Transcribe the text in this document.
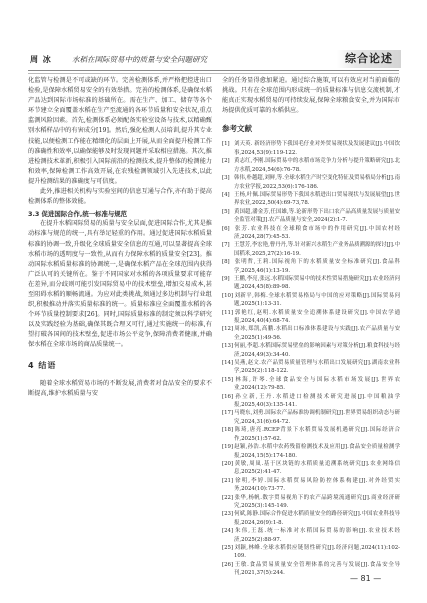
周 冰	水稻在国际贸易中的质量与安全问题研究	综合论述

化监管与检测是不可或缺的环节。完善检测体系,并严格把控进出口检验,是保障水稻贸易安全的有效举措。完善的检测体系,是确保水稻产品达到国际市场标准的基础所在。需在生产、加工、储存等各个环节建立全面覆盖水稻在生产至流通的各环节质量和安全状况,重点监测风险因素。首先,检测体系必须配备实验室设备与技术,以精确甄别水稻样品中的有害成分[19]。然后,强化检测人员培训,提升其专业技能,以便检测工作能在精细化的层面上开展,从而全面提升检测工作的准确性和效率,以确保能够及时发现问题并采取相应措施。其次,推进检测技术革新,积极引入国际前沿的检测技术,提升整体的检测能力和效率,保障检测工作高效开展,在农残检测领域引入先进技术,以此提升检测结果的准确度与可信度。

此外,推进相关机构与实验室间的信息互通与合作,亦有助于提高检测体系的整体效能。

3.3 促进国际合作,统一标准与规范

在提升水稻国际贸易的质量与安全层面,促进国际合作,尤其是推动标准与规范的统一,具有举足轻重的作用。通过促进国际水稻质量标准的协调一致,升级化全球质量安全信息的互通,可以显著提高全球水稻市场的透明度与一致性,从而有力保障水稻的质量安全[23]。推动国际水稻质量标准的协调统一,是确保水稻产品在全球范围内获得广泛认可的关键所在。鉴于不同国家对水稻的各项质量要求可能存在差异,而分歧则可能引发国际贸易中的技术壁垒,增加交易成本,甚至阻碍水稻的顺畅流通。为应对此类挑战,须通过多边机制与行业组织,积极推动并落实质量标准的统一。质量标准应全面覆盖水稻的各个环节质量控制要求[26]。同时,国际质量标准的制定须以科学研究以及实践经验为基础,确保其既合理又可行,通过实施统一的标准,有望打破各国间的技术壁垒,促进市场公平竞争,保障消费者健康,并确保水稻在全球市场的商品质量统一。

4 结语

随着全球水稻贸易市场的不断发展,消费者对食品安全的要求不断提高,维护水稻质量与安

全的任务显得愈加紧迫。通过综合施策,可以有效应对当前面临的挑战。只有在全球范围内形成统一的质量标准与信息交流机制,才能真正实现水稻贸易的可持续发展,保障全球粮食安全,并为国际市场提供优质可靠的水稻供应。

参考文献

[1] 刘天英. 新经济形势下我国毛仔业对外贸易现状及发展建议[J].中国饮事,2024,53(9):119-122.

[2] 黄志红,李刚.国际贸易中的水稻市场竞争力分析与提升策略研究[J].北方水稻,2024,54(6):76-78.

[3] 韩伟,朴越超,刘鲜,等.全球水稻生产时空变化特征及贸易格局分析[J].南方农业学报,2022,53(6):176-186.

[4] 王杨,叶佩.国际贸易形势下我国水稻进出口贸易现状与发展展望[J].世界农业,2022,50(4):69-73,78.

[5] 黄国超,潘金芳,任国雄,等.论新形势下出口农产品高质量发展与质量安全监管对策[J].农产品质量与安全,2024(2):1-7.

[6] 张芳.农业科技在全球粮食市场中的作用研究[J].中国农村经济,2024,28(7):45-53.

[7] 王慧芳,李宏艳,曹丹丹,等.针对新兴水稻生产业务品质溯源的探讨[J].中国稻米,2025,27(2):16-19.

[8] 张明哲,王莉.国际视角下的水稻质量安全标准研究[J].食品科学,2025,46(1):13-19.

[9] 王鹏,李亮,张远.水稻国际贸易中的技术性贸易措施研究[J].农业经济问题,2024,45(8):89-98.

[10]刘新平,韩梅.全球水稻贸易格局与中国的应对策略[J].国际贸易问题,2025(1):13-31.

[11]郭艳红,赵明.水稻质量安全追溯体系建设研究[J].中国农学通报,2024,40(4):68-74.

[12]周冰,郑凯,高鹏.水稻出口标准体系建设与实践[J].农产品质量与安全,2025(1):49-56.

[13]何丽,李超.水稻国际贸易壁垒的影响因素与对策分析[J].粮食科技与经济,2024,49(3):34-40.

[14]吴燕,赵文.农产品贸易质量管理与水稻出口发展研究[J].湖南农业科学,2025(2):118-122.

[15]林海,许琴.全球食品安全与国际水稻市场发展[J].世界农业,2024(12):79-85.

[16]孙立新,王丹.水稻进口检测技术研究进展[J].中国粮油学报,2025,40(3):135-141.

[17]马晓东,刘勇.国际农产品标准协调机制研究[J].世界贸易组织动态与研究,2024,31(6):64-72.

[18]陈琦,唐亮.RCEP背景下水稻贸易发展机遇研究[J].国际经济合作,2025(1):57-62.

[19]赵颖,孙浩.水稻中农药残留检测技术及应用[J].食品安全质量检测学报,2024,15(5):174-180.

[20]黄敏,周岚.基于区块链的水稻质量追溯系统研究[J].农业网络信息,2025(2):41-47.

[21]徐明,李婷.国际水稻贸易风险防控体系构建[J].对外经贸实务,2024(10):73-77.

[22]张华,杨帆.数字贸易视角下的农产品跨境流通研究[J].商业经济研究,2025(3):145-149.

[23]何斌,陈静.国际合作促进水稻质量安全的路径研究[J].中国农业科技导报,2024,26(9):1-8.

[24]朱伟,王磊.统一标准对水稻国际贸易的影响[J].农业技术经济,2025(2):88-97.

[25]刘颖,林峰.全球水稻供应链韧性研究[J].经济问题,2024(11):102-109.

[26]王敏.食品贸易质量安全管理体系的完善与发展[J].食品安全导刊,2021,37(5):244.

— 81 —
